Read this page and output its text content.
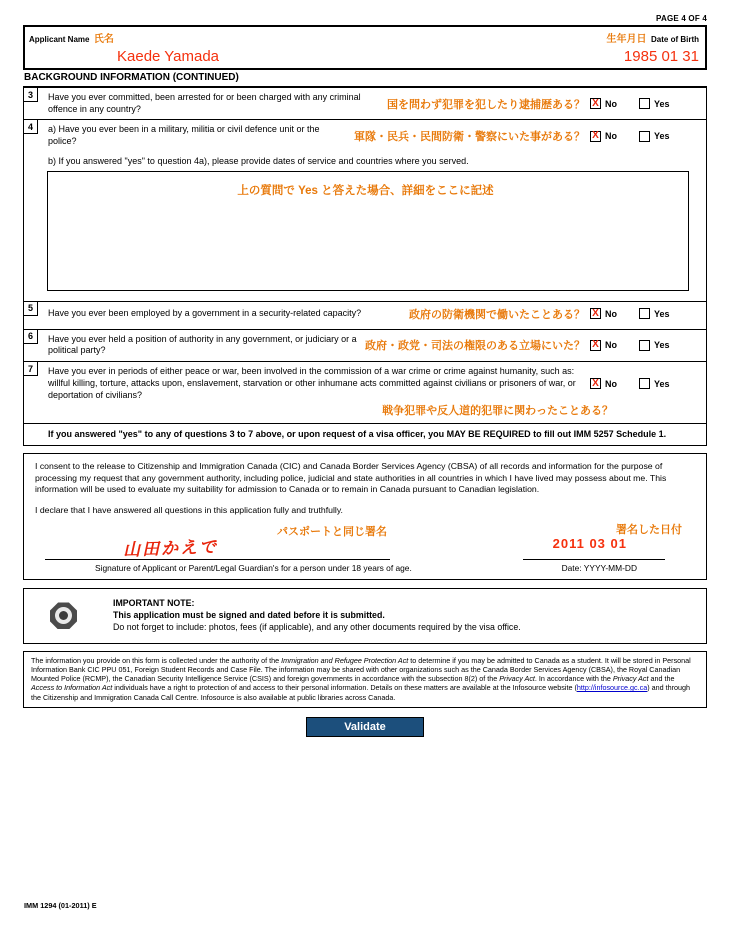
PAGE 4 OF 4
Applicant Name 氏名
Kaede Yamada
生年月日 Date of Birth
1985 01 31
BACKGROUND INFORMATION (CONTINUED)
3	Have you ever committed, been arrested for or been charged with any criminal offence in any country?	国を問わず犯罪を犯したり逮捕歴ある？ X No	Yes
4	a) Have you ever been in a military, militia or civil defence unit or the police?	軍隊・民兵・民間防衛・警察にいた事がある？ X No	Yes
b) If you answered "yes" to question 4a), please provide dates of service and countries where you served.
上の質問で Yes と答えた場合、詳細をここに記述
5	Have you ever been employed by a government in a security-related capacity?	政府の防衛機関で働いたことある？ X No	Yes
6	Have you ever held a position of authority in any government, or judiciary or a political party?	政府・政党・司法の権限のある立場にいた？ X No	Yes
7	Have you ever in periods of either peace or war, been involved in the commission of a war crime or crime against humanity, such as:
willful killing, torture, attacks upon, enslavement, starvation or other inhumane acts committed against civilians or prisoners of war, or deportation of civilians?
X No	Yes
戦争犯罪や反人道的犯罪に関わったことある？
If you answered "yes" to any of questions 3 to 7 above, or upon request of a visa officer, you MAY BE REQUIRED to fill out IMM 5257 Schedule 1.

I consent to the release to Citizenship and Immigration Canada (CIC) and Canada Border Services Agency (CBSA) of all records and information for the purpose of processing my request that any government authority, including police, judicial and state authorities in all countries in which I have lived may possess about me. This information will be used to evaluate my suitability for admission to Canada or to remain in Canada pursuant to Canadian legislation.

I declare that I have answered all questions in this application fully and truthfully.

山田かえで
パスポートと同じ署名
Signature of Applicant or Parent/Legal Guardian's for a person under 18 years of age.
署名した日付
2011 03 01
Date: YYYY-MM-DD
IMPORTANT NOTE:
This application must be signed and dated before it is submitted.
Do not forget to include: photos, fees (if applicable), and any other documents required by the visa office.
The information you provide on this form is collected under the authority of the Immigration and Refugee Protection Act to determine if you may be admitted to Canada as a student. It will be stored in Personal Information Bank CIC PPU 051, Foreign Student Records and Case File. The information may be shared with other organizations such as the Canada Border Services Agency (CBSA), the Royal Canadian Mounted Police (RCMP), the Canadian Security Intelligence Service (CSIS) and foreign governments in accordance with the subsection 8(2) of the Privacy Act. In accordance with the Privacy Act and the Access to Information Act individuals have a right to protection of and access to their personal information. Details on these matters are available at the Infosource website (http://infosource.gc.ca) and through the Citizenship and Immigration Canada Call Centre. Infosource is also available at public libraries across Canada.
Validate
IMM 1294 (01-2011) E
